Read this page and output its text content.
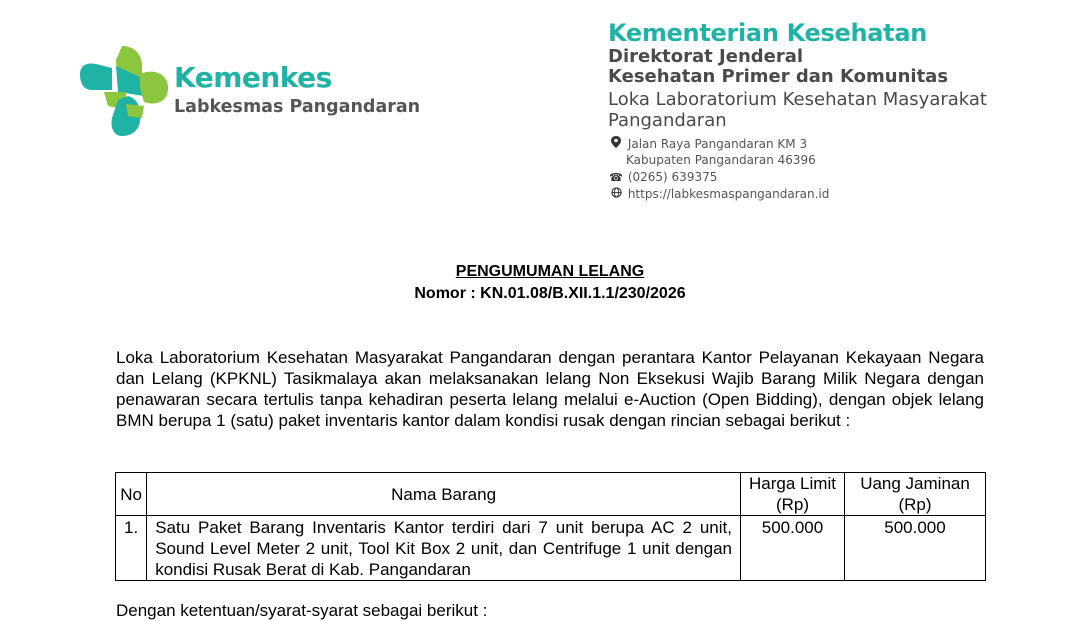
Kemenkes
Labkesmas Pangandaran
Kementerian Kesehatan
Direktorat Jenderal
Kesehatan Primer dan Komunitas
Loka Laboratorium Kesehatan Masyarakat Pangandaran
Jalan Raya Pangandaran KM 3
Kabupaten Pangandaran 46396
☎ (0265) 639375
https://labkesmaspangandaran.id
PENGUMUMAN LELANG
Nomor : KN.01.08/B.XII.1.1/230/2026
Loka Laboratorium Kesehatan Masyarakat Pangandaran dengan perantara Kantor Pelayanan Kekayaan Negara dan Lelang (KPKNL) Tasikmalaya akan melaksanakan lelang Non Eksekusi Wajib Barang Milik Negara dengan penawaran secara tertulis tanpa kehadiran peserta lelang melalui e-Auction (Open Bidding), dengan objek lelang BMN berupa 1 (satu) paket inventaris kantor dalam kondisi rusak dengan rincian sebagai berikut :
No	Nama Barang	Harga Limit (Rp)	Uang Jaminan (Rp)
1.	Satu Paket Barang Inventaris Kantor terdiri dari 7 unit berupa AC 2 unit, Sound Level Meter 2 unit, Tool Kit Box 2 unit, dan Centrifuge 1 unit dengan kondisi Rusak Berat di Kab. Pangandaran	500.000	500.000
Dengan ketentuan/syarat-syarat sebagai berikut :
